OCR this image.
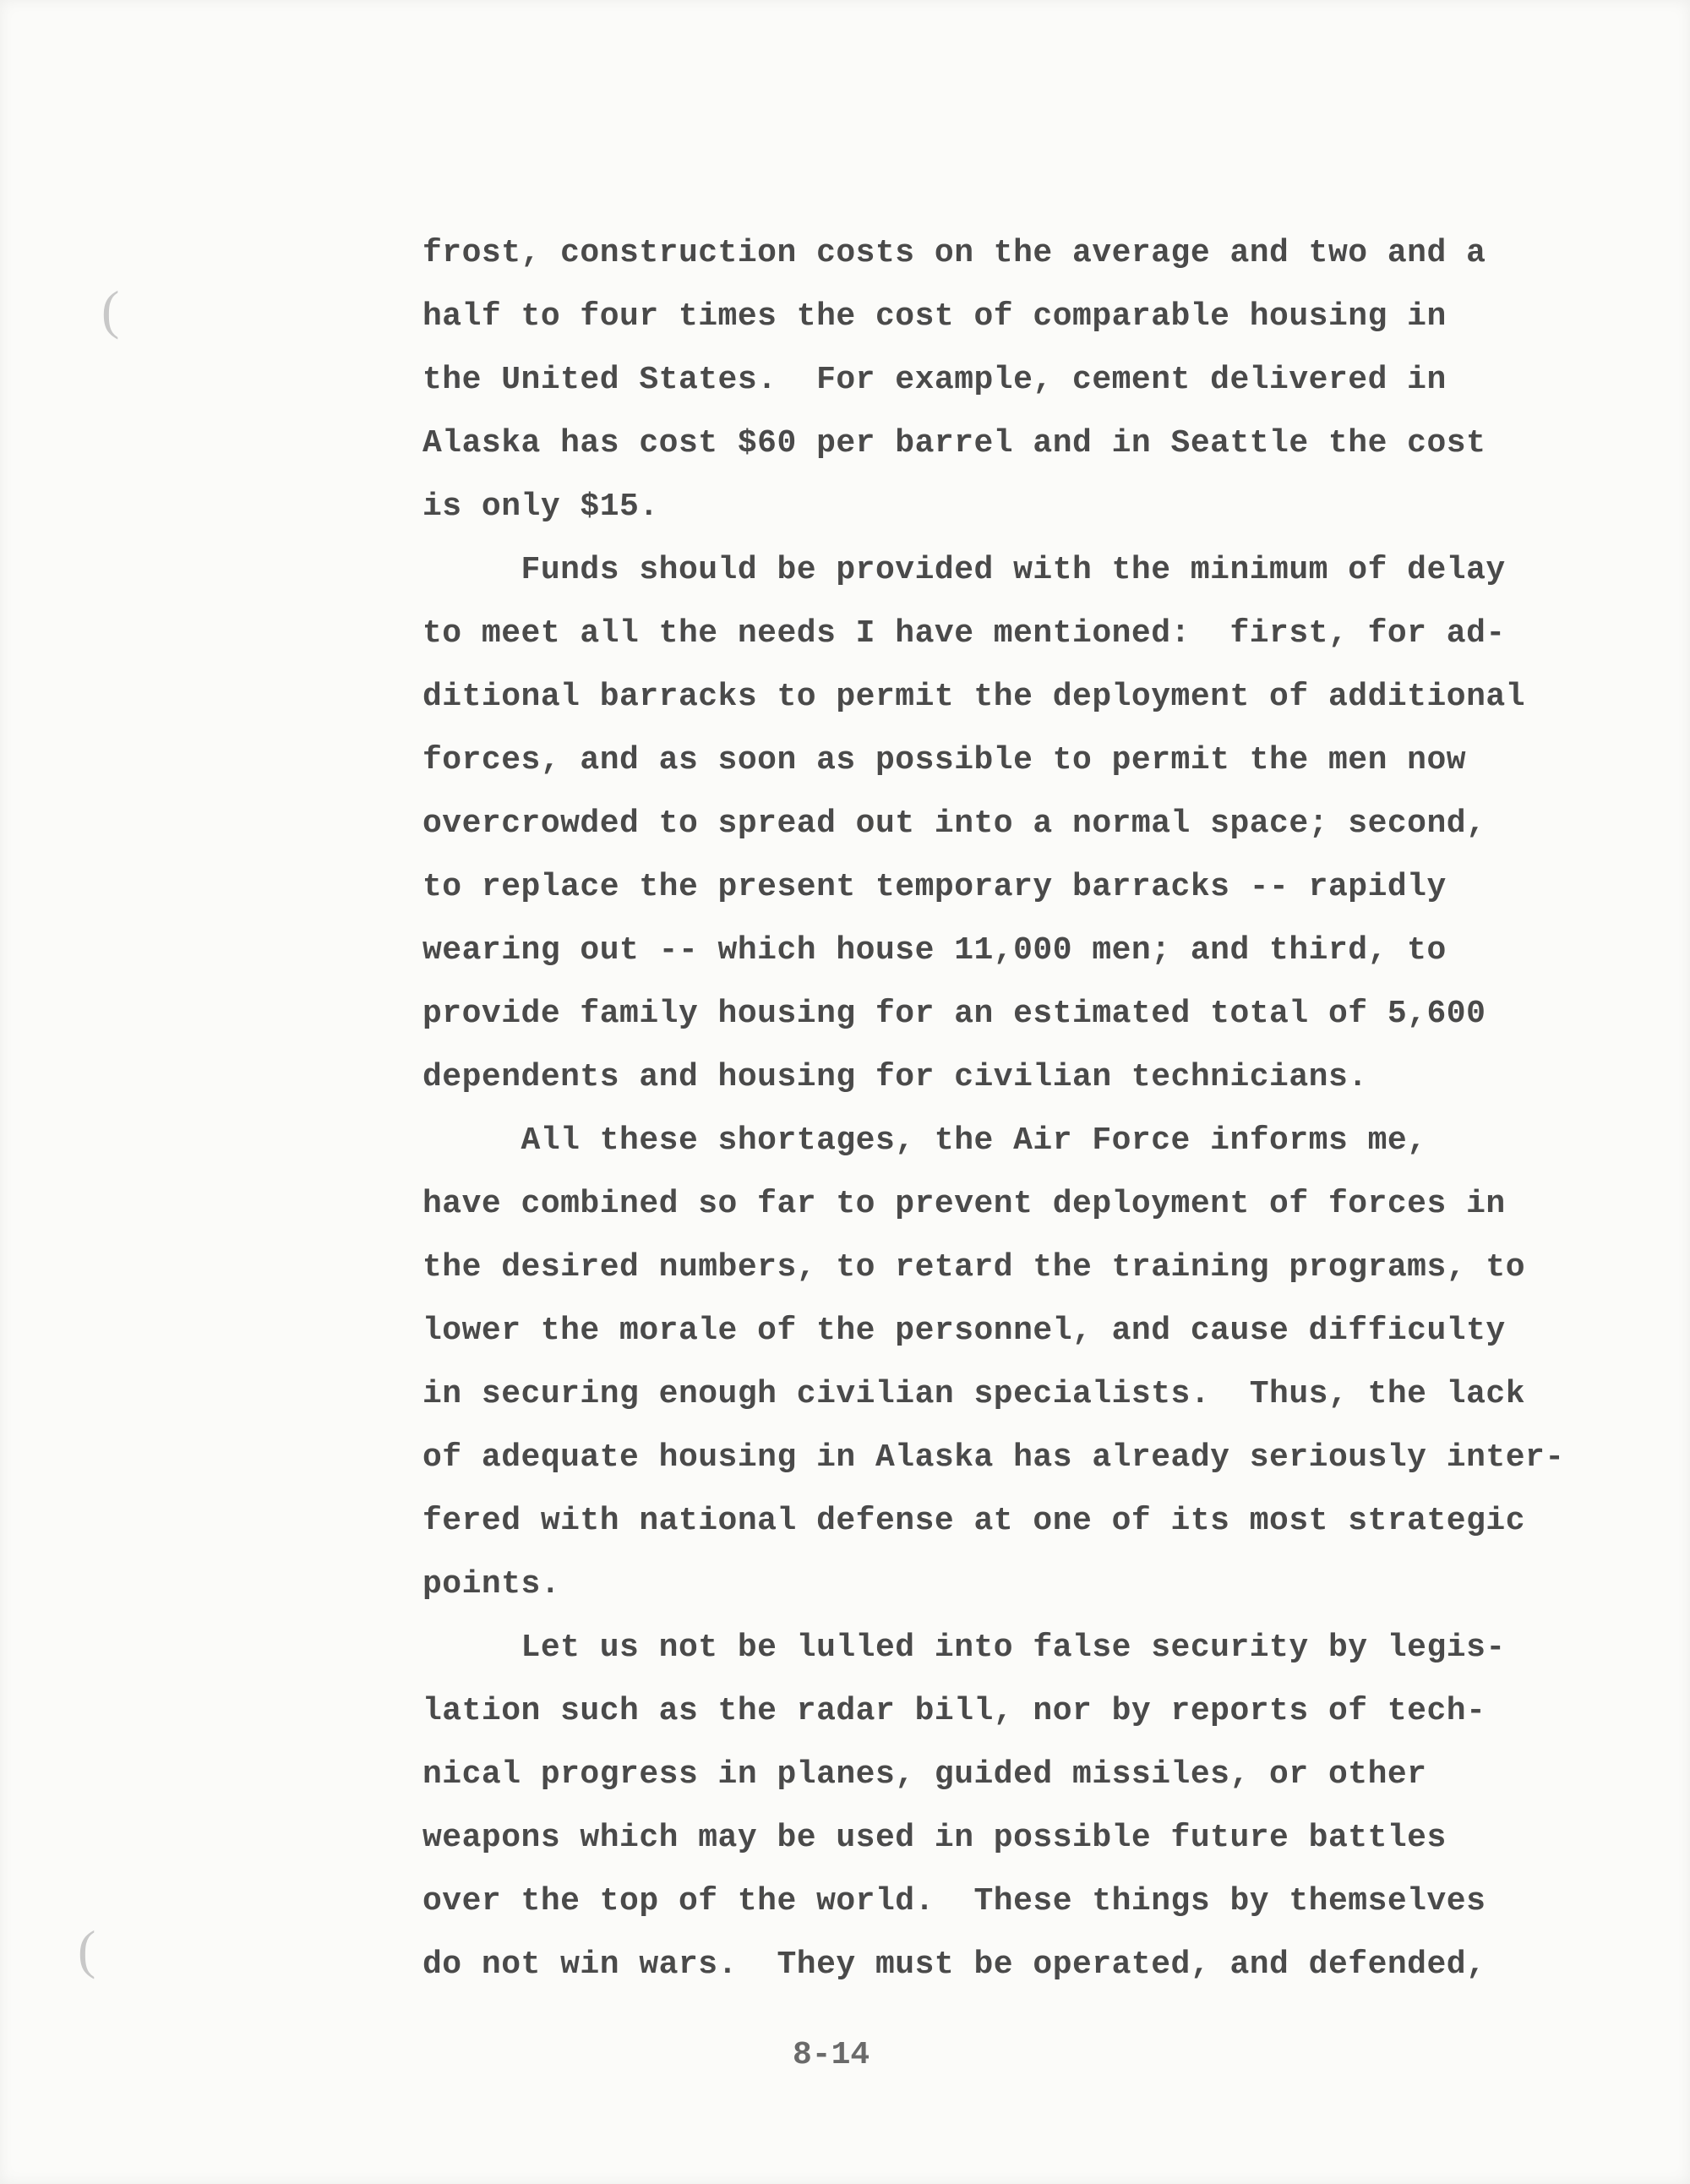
(
(
frost, construction costs on the average and two and a
half to four times the cost of comparable housing in
the United States.  For example, cement delivered in
Alaska has cost $60 per barrel and in Seattle the cost
is only $15.
Funds should be provided with the minimum of delay
to meet all the needs I have mentioned:  first, for ad-
ditional barracks to permit the deployment of additional
forces, and as soon as possible to permit the men now
overcrowded to spread out into a normal space; second,
to replace the present temporary barracks -- rapidly
wearing out -- which house 11,000 men; and third, to
provide family housing for an estimated total of 5,600
dependents and housing for civilian technicians.
All these shortages, the Air Force informs me,
have combined so far to prevent deployment of forces in
the desired numbers, to retard the training programs, to
lower the morale of the personnel, and cause difficulty
in securing enough civilian specialists.  Thus, the lack
of adequate housing in Alaska has already seriously inter-
fered with national defense at one of its most strategic
points.
Let us not be lulled into false security by legis-
lation such as the radar bill, nor by reports of tech-
nical progress in planes, guided missiles, or other
weapons which may be used in possible future battles
over the top of the world.  These things by themselves
do not win wars.  They must be operated, and defended,
8-14
